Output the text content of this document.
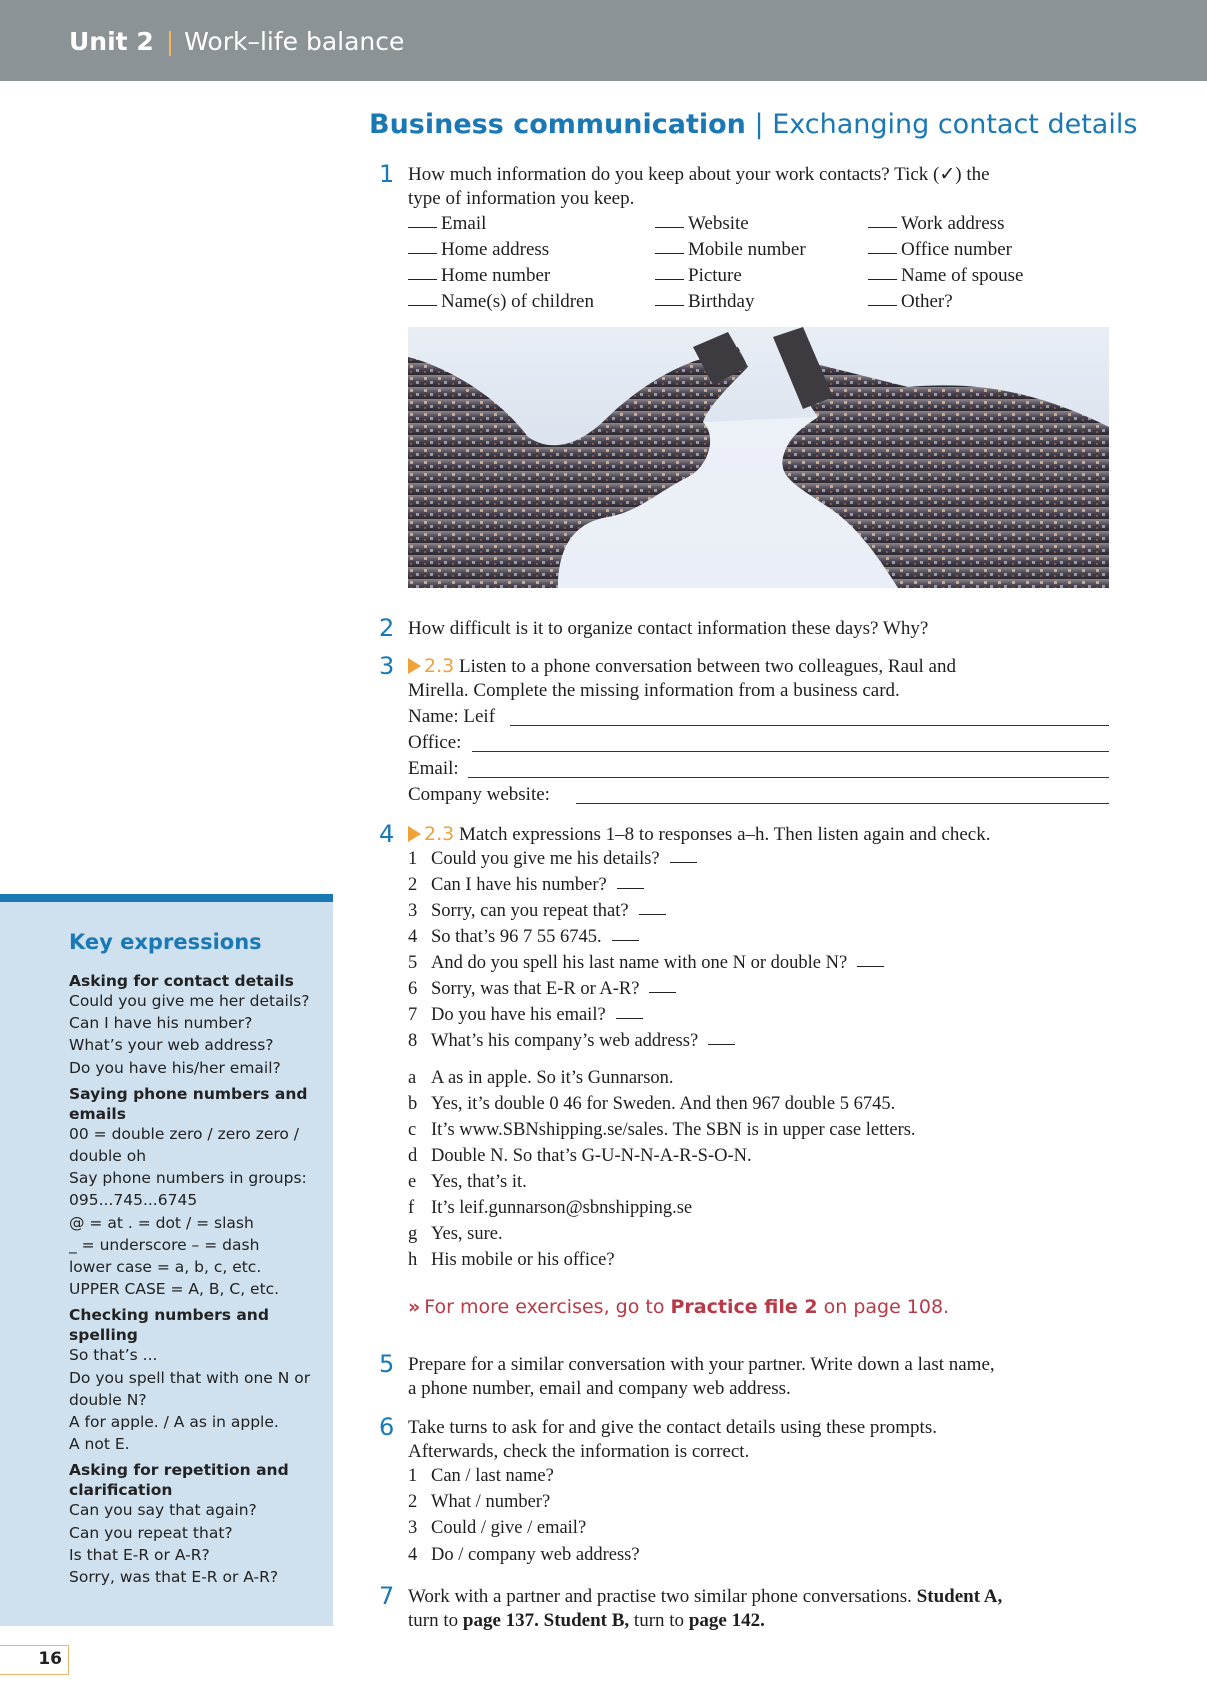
Unit 2 | Work–life balance
Business communication | Exchanging contact details
1 How much information do you keep about your work contacts? Tick (✓) the
type of information you keep.
Email	Website	Work address
Home address	Mobile number	Office number
Home number	Picture	Name of spouse
Name(s) of children	Birthday	Other?
2 How difficult is it to organize contact information these days? Why?
3	2.3 Listen to a phone conversation between two colleagues, Raul and
Mirella. Complete the missing information from a business card.
Name: Leif
Office:
Email:
Company website:
4	2.3 Match expressions 1–8 to responses a–h. Then listen again and check.
1 Could you give me his details?
2 Can I have his number?
3 Sorry, can you repeat that?
4 So that’s 96 7 55 6745.
5 And do you spell his last name with one N or double N?
6 Sorry, was that E-R or A-R?
7 Do you have his email?
8 What’s his company’s web address?
a A as in apple. So it’s Gunnarson.
b Yes, it’s double 0 46 for Sweden. And then 967 double 5 6745.
c It’s www.SBNshipping.se/sales. The SBN is in upper case letters.
d Double N. So that’s G-U-N-N-A-R-S-O-N.
e Yes, that’s it.
f It’s leif.gunnarson@sbnshipping.se
g Yes, sure.
h His mobile or his office?
» For more exercises, go to Practice file 2 on page 108.
5 Prepare for a similar conversation with your partner. Write down a last name,
a phone number, email and company web address.
6 Take turns to ask for and give the contact details using these prompts.
Afterwards, check the information is correct.
1 Can / last name?
2 What / number?
3 Could / give / email?
4 Do / company web address?
7 Work with a partner and practise two similar phone conversations. Student A,
turn to page 137. Student B, turn to page 142.
Key expressions
Asking for contact details
Could you give me her details?
Can I have his number?
What’s your web address?
Do you have his/her email?
Saying phone numbers and
emails
00 = double zero / zero zero /
double oh
Say phone numbers in groups:
095...745...6745
@ = at . = dot / = slash
_ = underscore – = dash
lower case = a, b, c, etc.
UPPER CASE = A, B, C, etc.
Checking numbers and
spelling
So that’s ...
Do you spell that with one N or
double N?
A for apple. / A as in apple.
A not E.
Asking for repetition and
clarification
Can you say that again?
Can you repeat that?
Is that E-R or A-R?
Sorry, was that E-R or A-R?
16
